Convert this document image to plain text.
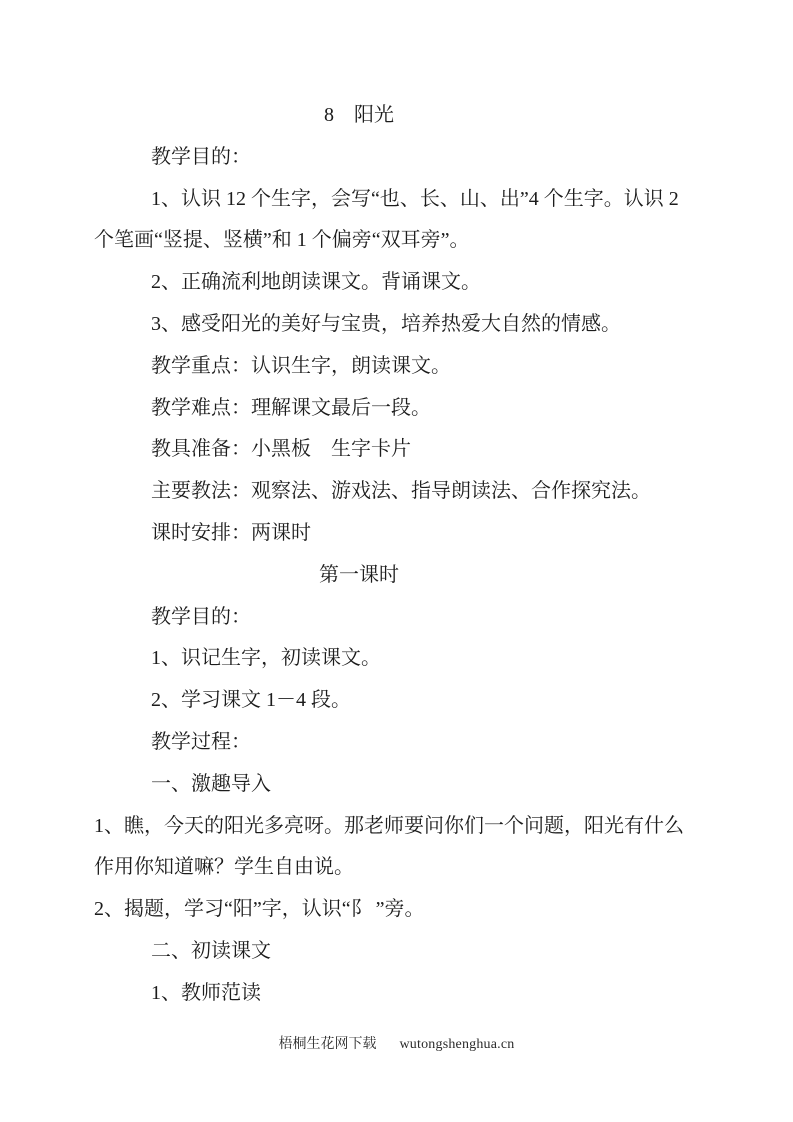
8　阳光

教学目的：

1、认识 12 个生字，会写“也、长、山、出”4 个生字。认识 2

个笔画“竖提、竖横”和 1 个偏旁“双耳旁”。

2、正确流利地朗读课文。背诵课文。

3、感受阳光的美好与宝贵，培养热爱大自然的情感。

教学重点：认识生字，朗读课文。

教学难点：理解课文最后一段。

教具准备：小黑板　生字卡片

主要教法：观察法、游戏法、指导朗读法、合作探究法。

课时安排：两课时

第一课时

教学目的：

1、识记生字，初读课文。

2、学习课文 1－4 段。

教学过程：

一、激趣导入

1、瞧，今天的阳光多亮呀。那老师要问你们一个问题，阳光有什么

作用你知道嘛？学生自由说。

2、揭题，学习“阳”字，认识“阝 ”旁。

二、初读课文

1、教师范读

梧桐生花网下载 wutongshenghua.cn
